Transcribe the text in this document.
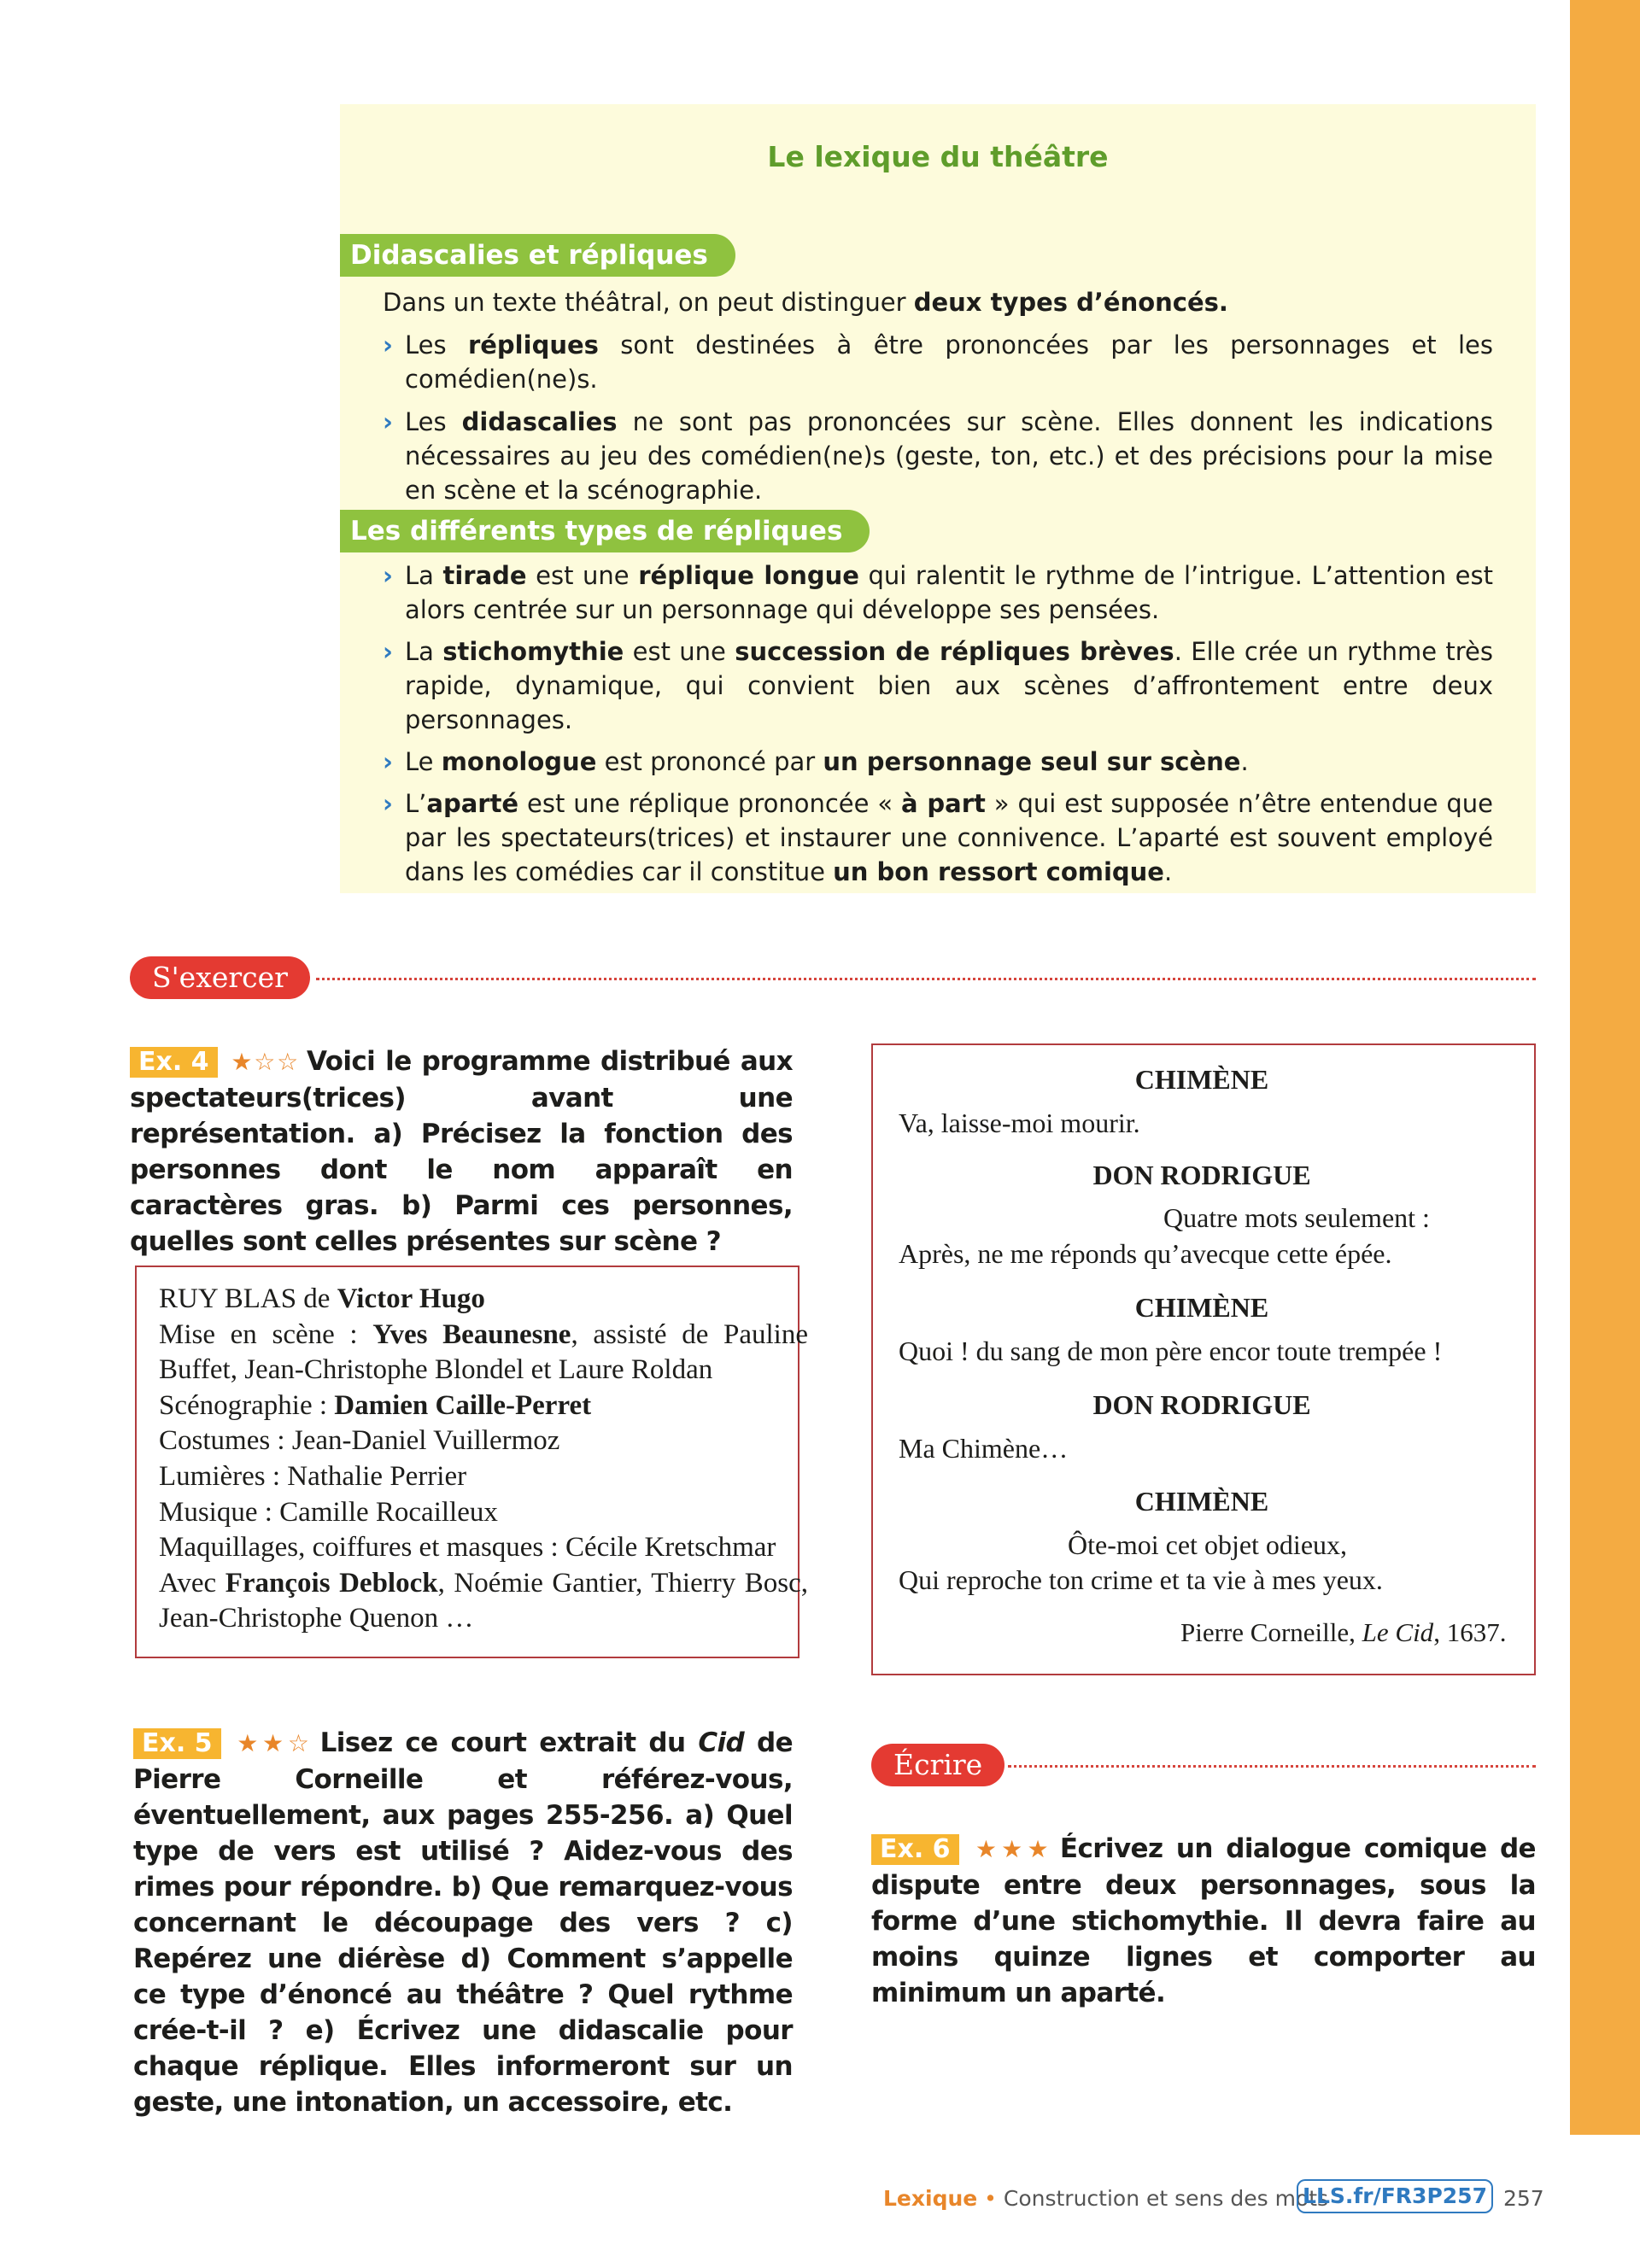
Le lexique du théâtre
Didascalies et répliques

Dans un texte théâtral, on peut distinguer deux types d’énoncés.

› Les répliques sont destinées à être prononcées par les personnages et les comédien(ne)s.

› Les didascalies ne sont pas prononcées sur scène. Elles donnent les indications nécessaires au jeu des comédien(ne)s (geste, ton, etc.) et des précisions pour la mise en scène et la scénographie.

Les différents types de répliques

› La tirade est une réplique longue qui ralentit le rythme de l’intrigue. L’attention est alors centrée sur un personnage qui développe ses pensées.

› La stichomythie est une succession de répliques brèves. Elle crée un rythme très rapide, dynamique, qui convient bien aux scènes d’affrontement entre deux personnages.

› Le monologue est prononcé par un personnage seul sur scène.

› L’aparté est une réplique prononcée « à part » qui est supposée n’être entendue que par les spectateurs(trices) et instaurer une connivence. L’aparté est souvent employé dans les comédies car il constitue un bon ressort comique.

S'exercer
Ex. 4 ★☆☆ Voici le programme distribué aux spectateurs(trices) avant une représentation. a) Précisez la fonction des personnes dont le nom apparaît en caractères gras. b) Parmi ces personnes, quelles sont celles présentes sur scène ?
RUY BLAS de Victor Hugo
Mise en scène : Yves Beaunesne, assisté de Pauline Buffet, Jean-Christophe Blondel et Laure Roldan
Scénographie : Damien Caille-Perret
Costumes : Jean-Daniel Vuillermoz
Lumières : Nathalie Perrier
Musique : Camille Rocailleux
Maquillages, coiffures et masques : Cécile Kretschmar
Avec François Deblock, Noémie Gantier, Thierry Bosc, Jean-Christophe Quenon …
CHIMÈNE
Va, laisse-moi mourir.
DON RODRIGUE
Quatre mots seulement :
Après, ne me réponds qu’avecque cette épée.
CHIMÈNE
Quoi ! du sang de mon père encor toute trempée !
DON RODRIGUE
Ma Chimène…
CHIMÈNE
Ôte-moi cet objet odieux,
Qui reproche ton crime et ta vie à mes yeux.
Pierre Corneille, Le Cid, 1637.
Ex. 5 ★★☆ Lisez ce court extrait du Cid de Pierre Corneille et référez-vous, éventuellement, aux pages 255-256. a) Quel type de vers est utilisé ? Aidez-vous des rimes pour répondre. b) Que remarquez-vous concernant le découpage des vers ? c) Repérez une diérèse d) Comment s’appelle ce type d’énoncé au théâtre ? Quel rythme crée-t-il ? e) Écrivez une didascalie pour chaque réplique. Elles informeront sur un geste, une intonation, un accessoire, etc.
Écrire
Ex. 6 ★★★ Écrivez un dialogue comique de dispute entre deux personnages, sous la forme d’une stichomythie. Il devra faire au moins quinze lignes et comporter au minimum un aparté.
Lexique • Construction et sens des mots
LLS.fr/FR3P257 257
